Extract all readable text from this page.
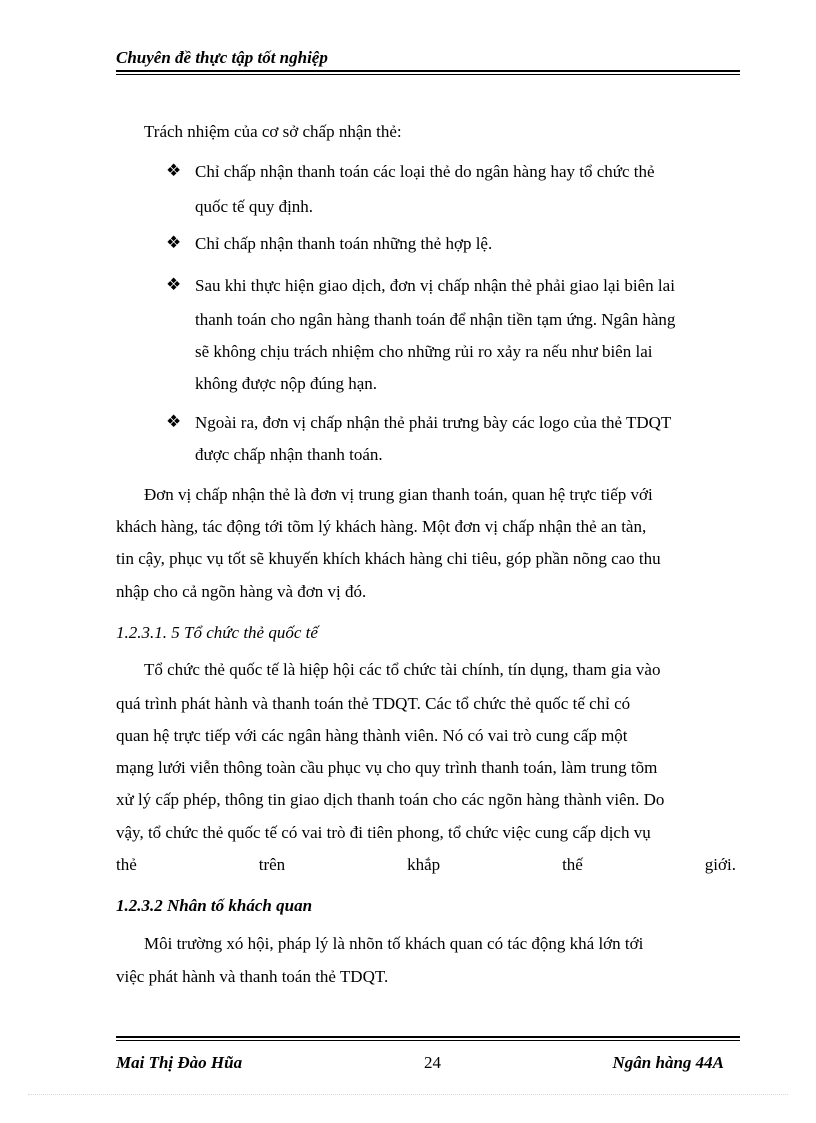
Chuyên đề thực tập tốt nghiệp
Trách nhiệm của cơ sở chấp nhận thẻ:
❖ Chỉ chấp nhận thanh toán các loại thẻ do ngân hàng hay tổ chức thẻ
quốc tế quy định.
❖ Chỉ chấp nhận thanh toán những thẻ hợp lệ.
❖ Sau khi thực hiện giao dịch, đơn vị chấp nhận thẻ phải giao lại biên lai
thanh toán cho ngân hàng thanh toán để nhận tiền tạm ứng. Ngân hàng
sẽ không chịu trách nhiệm cho những rủi ro xảy ra nếu như biên lai
không được nộp đúng hạn.
❖ Ngoài ra, đơn vị chấp nhận thẻ phải trưng bày các logo của thẻ TDQT
được chấp nhận thanh toán.
Đơn vị chấp nhận thẻ là đơn vị trung gian thanh toán, quan hệ trực tiếp với
khách hàng, tác động tới tõm lý khách hàng. Một đơn vị chấp nhận thẻ an tàn,
tin cậy, phục vụ tốt sẽ khuyến khích khách hàng chi tiêu, góp phần nõng cao thu
nhập cho cả ngõn hàng và đơn vị đó.
1.2.3.1. 5 Tổ chức thẻ quốc tế
Tổ chức thẻ quốc tế là hiệp hội các tổ chức tài chính, tín dụng, tham gia vào
quá trình phát hành và thanh toán thẻ TDQT. Các tổ chức thẻ quốc tế chỉ có
quan hệ trực tiếp với các ngân hàng thành viên. Nó có vai trò cung cấp một
mạng lưới viễn thông toàn cầu phục vụ cho quy trình thanh toán, làm trung tõm
xử lý cấp phép, thông tin giao dịch thanh toán cho các ngõn hàng thành viên. Do
vậy, tổ chức thẻ quốc tế có vai trò đi tiên phong, tổ chức việc cung cấp dịch vụ
thẻ	trên	khắp	thế	giới.
1.2.3.2 Nhân tố khách quan
Môi trường xó hội, pháp lý là nhõn tố khách quan có tác động khá lớn tới
việc phát hành và thanh toán thẻ TDQT.
Mai Thị Đào Hũa	24	Ngân hàng 44A
